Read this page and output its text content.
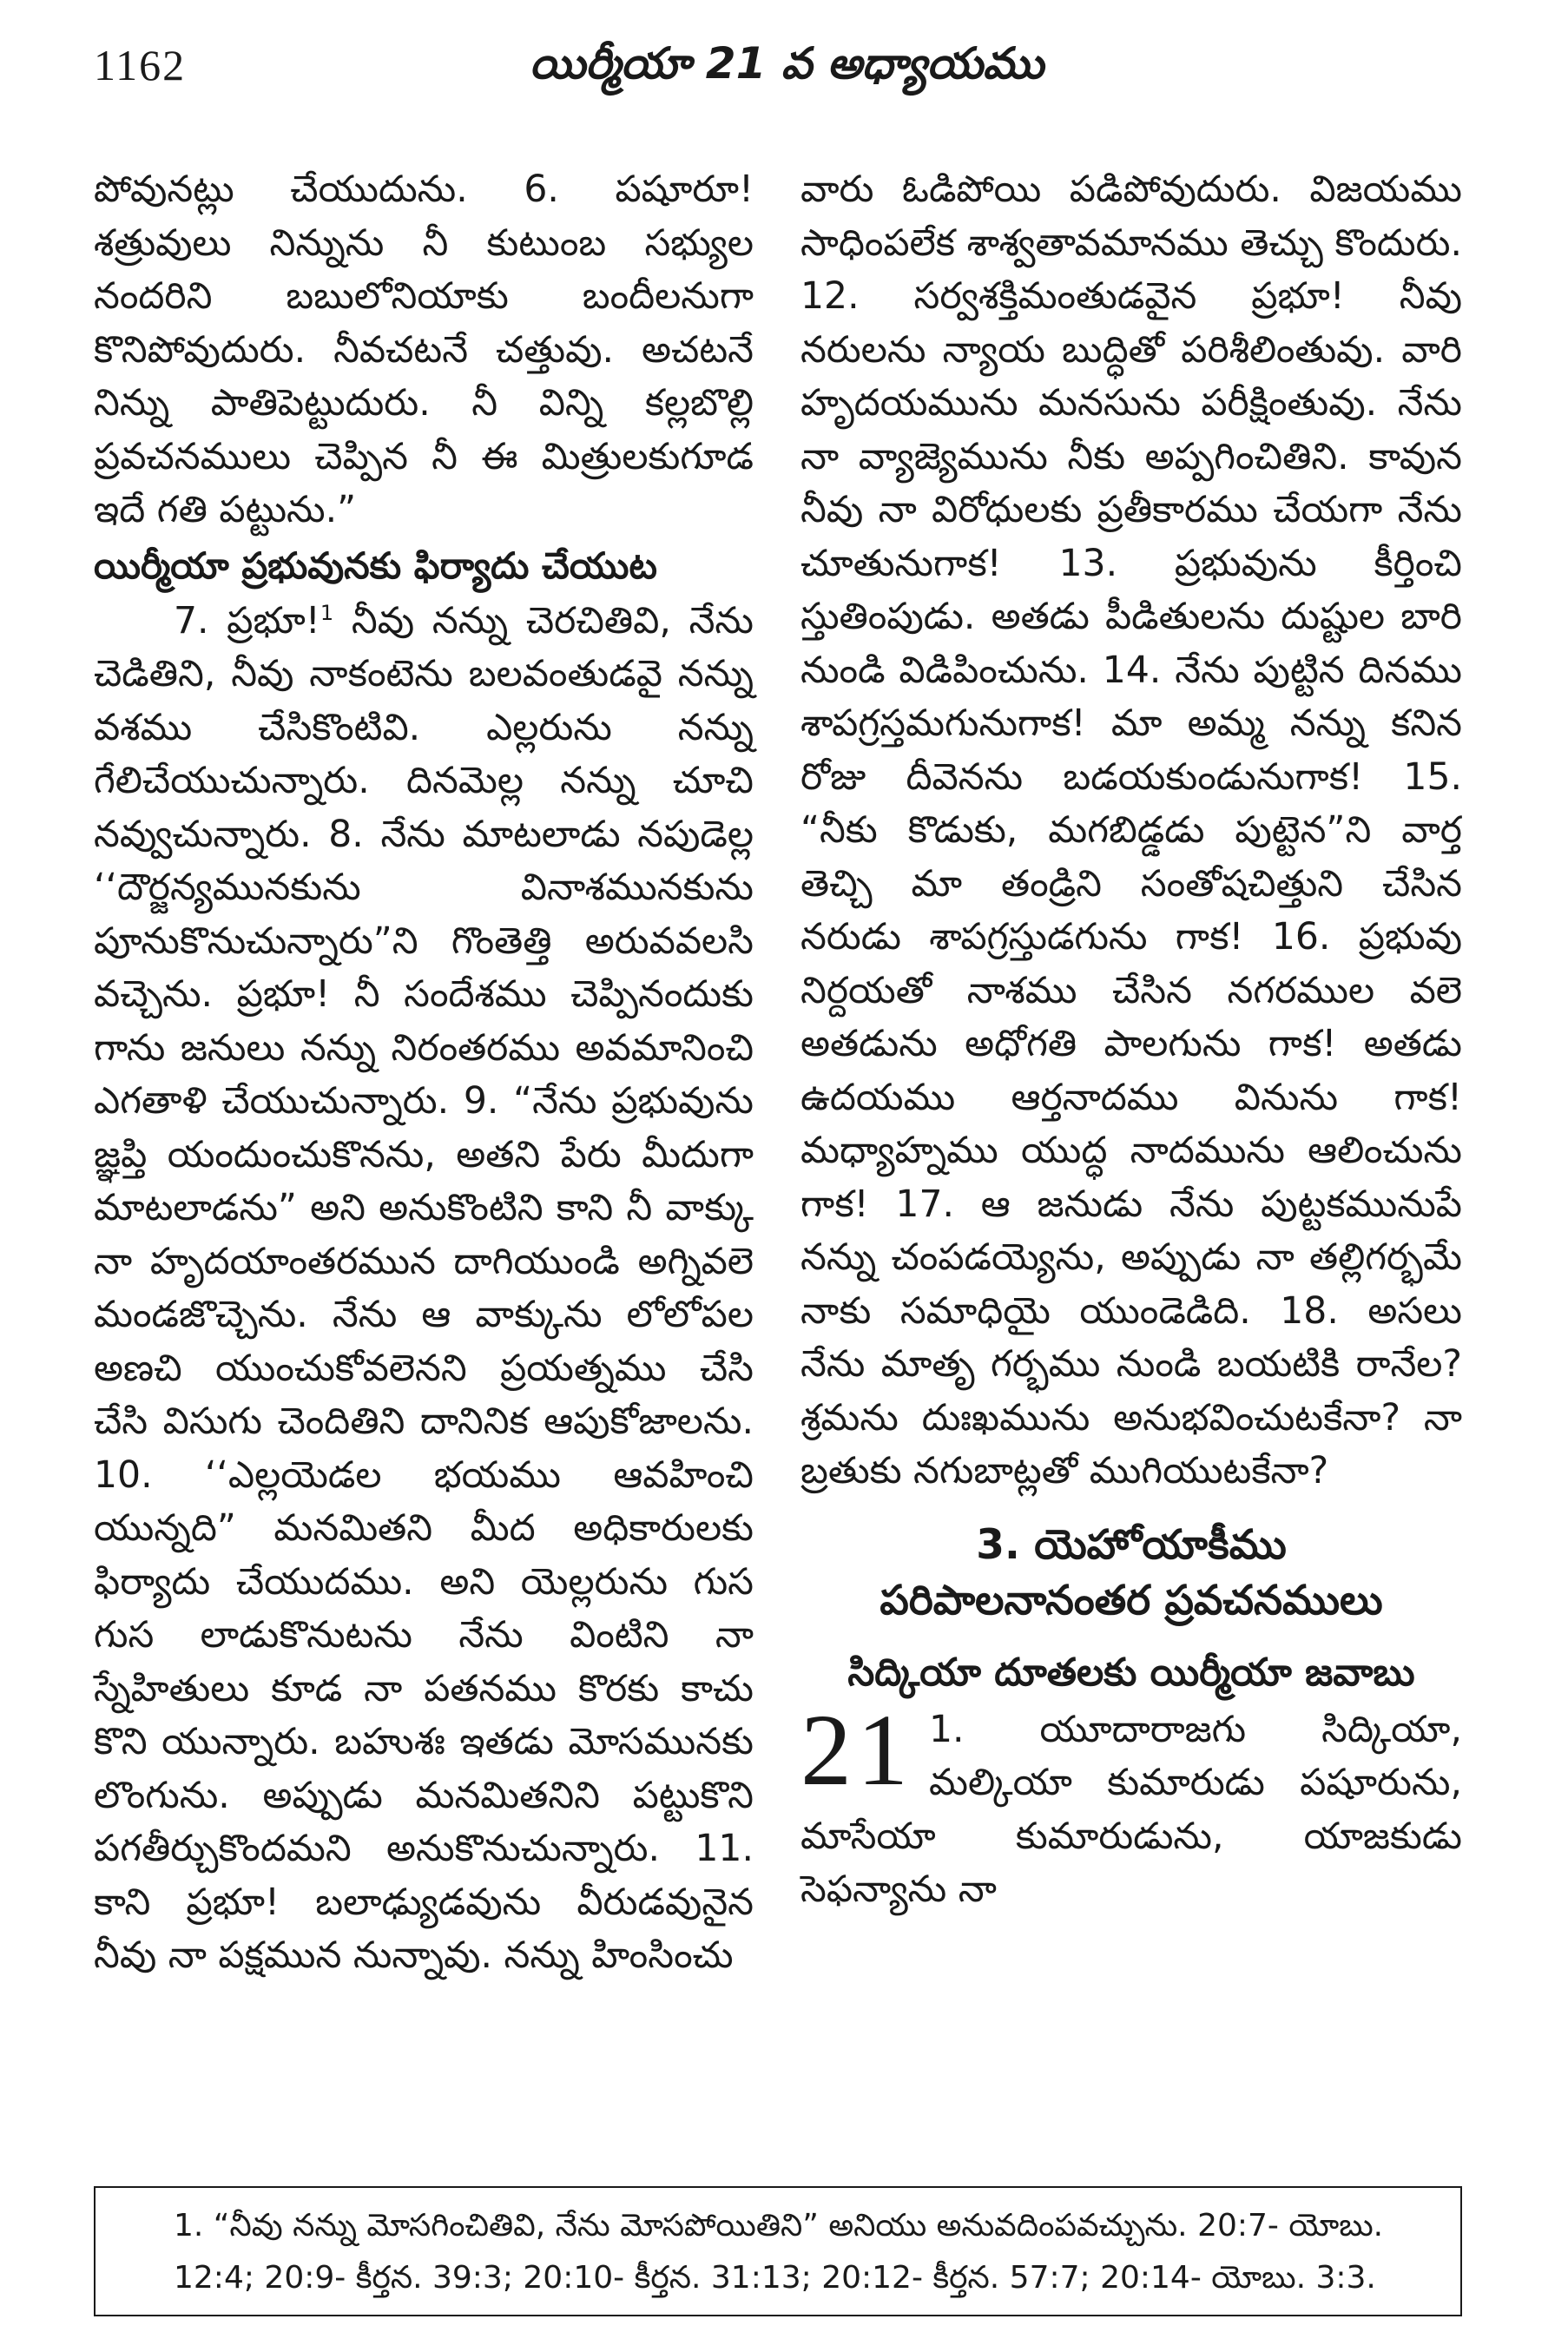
1162	యిర్మీయా 21 వ అధ్యాయము

పోవునట్లు చేయుదును. 6. పషూరూ! శత్రువులు నిన్నును నీ కుటుంబ సభ్యుల నందరిని బబులోనియాకు బందీలనుగా కొనిపోవుదురు. నీవచటనే చత్తువు. అచటనే నిన్ను పాతిపెట్టుదురు. నీ విన్ని కల్లబొల్లి ప్రవచనములు చెప్పిన నీ ఈ మిత్రులకుగూడ ఇదే గతి పట్టును.”

యిర్మీయా ప్రభువునకు ఫిర్యాదు చేయుట

7. ప్రభూ!$^1$ నీవు నన్ను చెరచితివి, నేను చెడితిని, నీవు నాకంటెను బలవంతుడవై నన్ను వశము చేసికొంటివి. ఎల్లరును నన్ను గేలిచేయుచున్నారు. దినమెల్ల నన్ను చూచి నవ్వుచున్నారు. 8. నేను మాటలాడు నపుడెల్ల ‘‘దౌర్జన్యమునకును వినాశమునకును పూనుకొనుచున్నారు”ని గొంతెత్తి అరువవలసి వచ్చెను. ప్రభూ! నీ సందేశము చెప్పినందుకు గాను జనులు నన్ను నిరంతరము అవమానించి ఎగతాళి చేయుచున్నారు. 9. “నేను ప్రభువును జ్ఞప్తి యందుంచుకొనను, అతని పేరు మీదుగా మాటలాడను” అని అనుకొంటిని కాని నీ వాక్కు నా హృదయాంతరమున దాగియుండి అగ్నివలె మండజొచ్చెను. నేను ఆ వాక్కును లోలోపల అణచి యుంచుకోవలెనని ప్రయత్నము చేసి చేసి విసుగు చెందితిని దానినిక ఆపుకోజాలను. 10. ‘‘ఎల్లయెడల భయము ఆవహించి యున్నది” మనమితని మీద అధికారులకు ఫిర్యాదు చేయుదము. అని యెల్లరును గుస గుస లాడుకొనుటను నేను వింటిని నా స్నేహితులు కూడ నా పతనము కొరకు కాచు కొని యున్నారు. బహుశః ఇతడు మోసమునకు లొంగును. అప్పుడు మనమితనిని పట్టుకొని పగతీర్చుకొందమని అనుకొనుచున్నారు. 11. కాని ప్రభూ! బలాఢ్యుడవును వీరుడవునైన నీవు నా పక్షమున నున్నావు. నన్ను హింసించు

వారు ఓడిపోయి పడిపోవుదురు. విజయము సాధింపలేక శాశ్వతావమానము తెచ్చు కొందురు. 12. సర్వశక్తిమంతుడవైన ప్రభూ! నీవు నరులను న్యాయ బుద్ధితో పరిశీలింతువు. వారి హృదయమును మనసును పరీక్షింతువు. నేను నా వ్యాజ్యెమును నీకు అప్పగించితిని. కావున నీవు నా విరోధులకు ప్రతీకారము చేయగా నేను చూతునుగాక! 13. ప్రభువును కీర్తించి స్తుతింపుడు. అతడు పీడితులను దుష్టుల బారి నుండి విడిపించును. 14. నేను పుట్టిన దినము శాపగ్రస్తమగునుగాక! మా అమ్మ నన్ను కనిన రోజు దీవెనను బడయకుండునుగాక! 15. “నీకు కొడుకు, మగబిడ్డడు పుట్టెన”ని వార్త తెచ్చి మా తండ్రిని సంతోషచిత్తుని చేసిన నరుడు శాపగ్రస్తుడగును గాక! 16. ప్రభువు నిర్దయతో నాశము చేసిన నగరముల వలె అతడును అధోగతి పాలగును గాక! అతడు ఉదయము ఆర్తనాదము వినును గాక! మధ్యాహ్నము యుద్ధ నాదమును ఆలించును గాక! 17. ఆ జనుడు నేను పుట్టకమునుపే నన్ను చంపడయ్యెను, అప్పుడు నా తల్లిగర్భమే నాకు సమాధియై యుండెడిది. 18. అసలు నేను మాతృ గర్భము నుండి బయటికి రానేల? శ్రమను దుఃఖమును అనుభవించుటకేనా? నా బ్రతుకు నగుబాట్లతో ముగియుటకేనా?

3. యెహోయాకీము
పరిపాలనానంతర ప్రవచనములు
సిద్కియా దూతలకు యిర్మీయా జవాబు
21 1. యూదారాజగు సిద్కియా, మల్కియా కుమారుడు పషూరును, మాసేయా కుమారుడును, యాజకుడు సెఫన్యాను నా

1. “నీవు నన్ను మోసగించితివి, నేను మోసపోయితిని” అనియు అనువదింపవచ్చును. 20:7- యోబు.

12:4; 20:9- కీర్తన. 39:3; 20:10- కీర్తన. 31:13; 20:12- కీర్తన. 57:7; 20:14- యోబు. 3:3.
